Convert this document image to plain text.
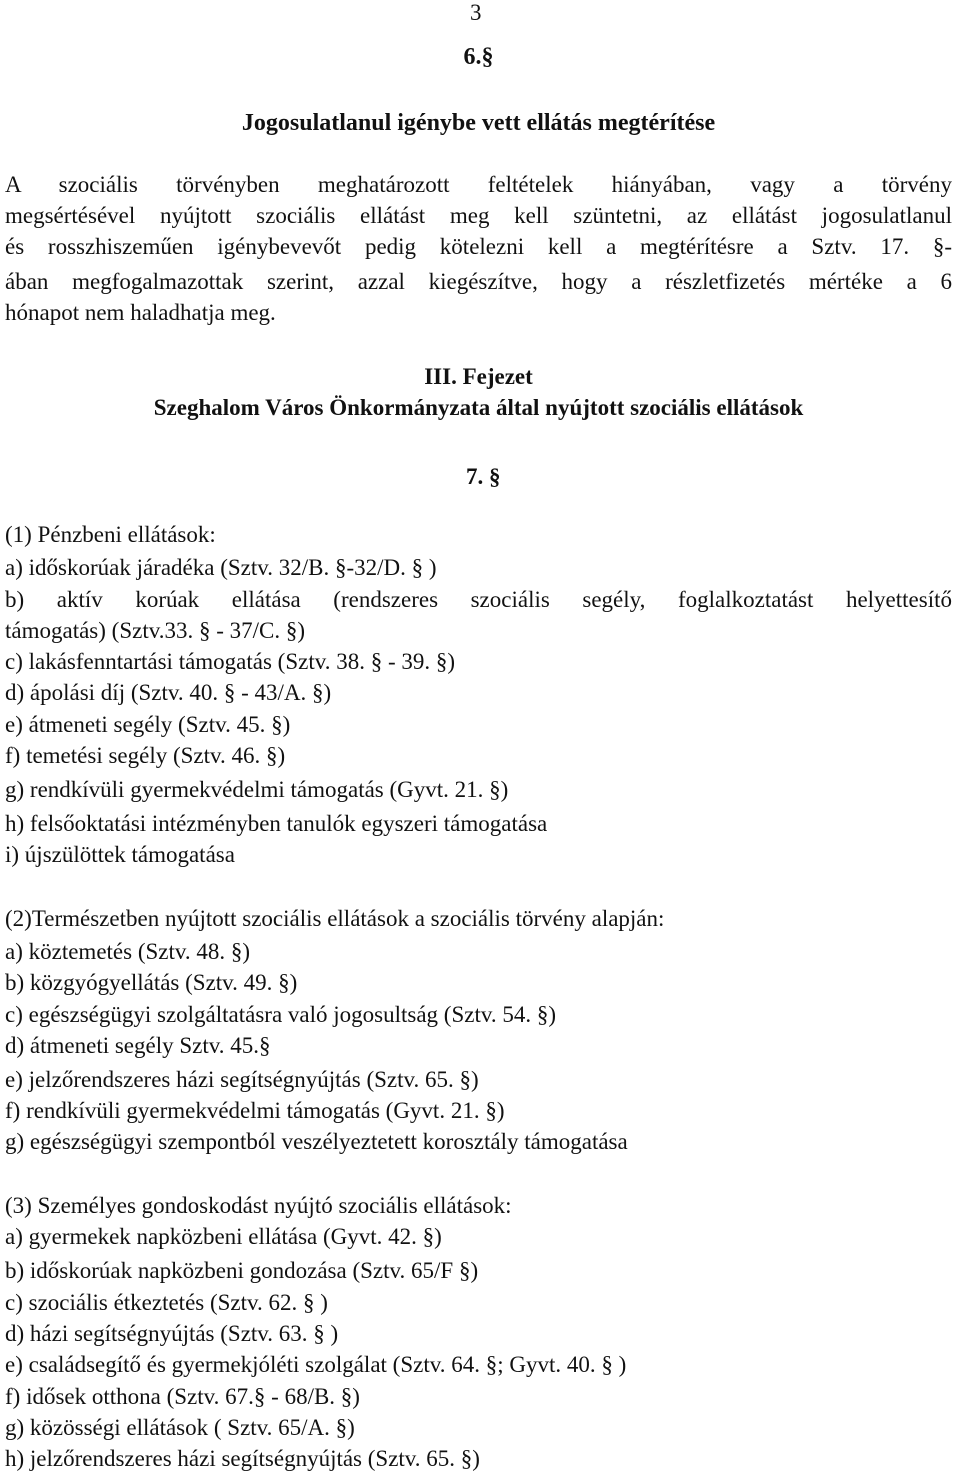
3
6.§
Jogosulatlanul igénybe vett ellátás megtérítése
A szociális törvényben meghatározott feltételek hiányában, vagy a törvény
megsértésével nyújtott szociális ellátást meg kell szüntetni, az ellátást jogosulatlanul
és rosszhiszeműen igénybevevőt pedig kötelezni kell a megtérítésre a Sztv. 17. §-
ában megfogalmazottak szerint, azzal kiegészítve, hogy a részletfizetés mértéke a 6
hónapot nem haladhatja meg.
III. Fejezet
Szeghalom Város Önkormányzata által nyújtott szociális ellátások
7. §
(1) Pénzbeni ellátások:
a) időskorúak járadéka (Sztv. 32/B. §-32/D. § )
b) aktív korúak ellátása (rendszeres szociális segély, foglalkoztatást helyettesítő
támogatás) (Sztv.33. § - 37/C. §)
c) lakásfenntartási támogatás (Sztv. 38. § - 39. §)
d) ápolási díj (Sztv. 40. § - 43/A. §)
e) átmeneti segély (Sztv. 45. §)
f) temetési segély (Sztv. 46. §)
g) rendkívüli gyermekvédelmi támogatás (Gyvt. 21. §)
h) felsőoktatási intézményben tanulók egyszeri támogatása
i) újszülöttek támogatása
(2)Természetben nyújtott szociális ellátások a szociális törvény alapján:
a) köztemetés (Sztv. 48. §)
b) közgyógyellátás (Sztv. 49. §)
c) egészségügyi szolgáltatásra való jogosultság (Sztv. 54. §)
d) átmeneti segély Sztv. 45.§
e) jelzőrendszeres házi segítségnyújtás (Sztv. 65. §)
f) rendkívüli gyermekvédelmi támogatás (Gyvt. 21. §)
g) egészségügyi szempontból veszélyeztetett korosztály támogatása
(3) Személyes gondoskodást nyújtó szociális ellátások:
a) gyermekek napközbeni ellátása (Gyvt. 42. §)
b) időskorúak napközbeni gondozása (Sztv. 65/F §)
c) szociális étkeztetés (Sztv. 62. § )
d) házi segítségnyújtás (Sztv. 63. § )
e) családsegítő és gyermekjóléti szolgálat (Sztv. 64. §; Gyvt. 40. § )
f) idősek otthona (Sztv. 67.§ - 68/B. §)
g) közösségi ellátások ( Sztv. 65/A. §)
h) jelzőrendszeres házi segítségnyújtás (Sztv. 65. §)
